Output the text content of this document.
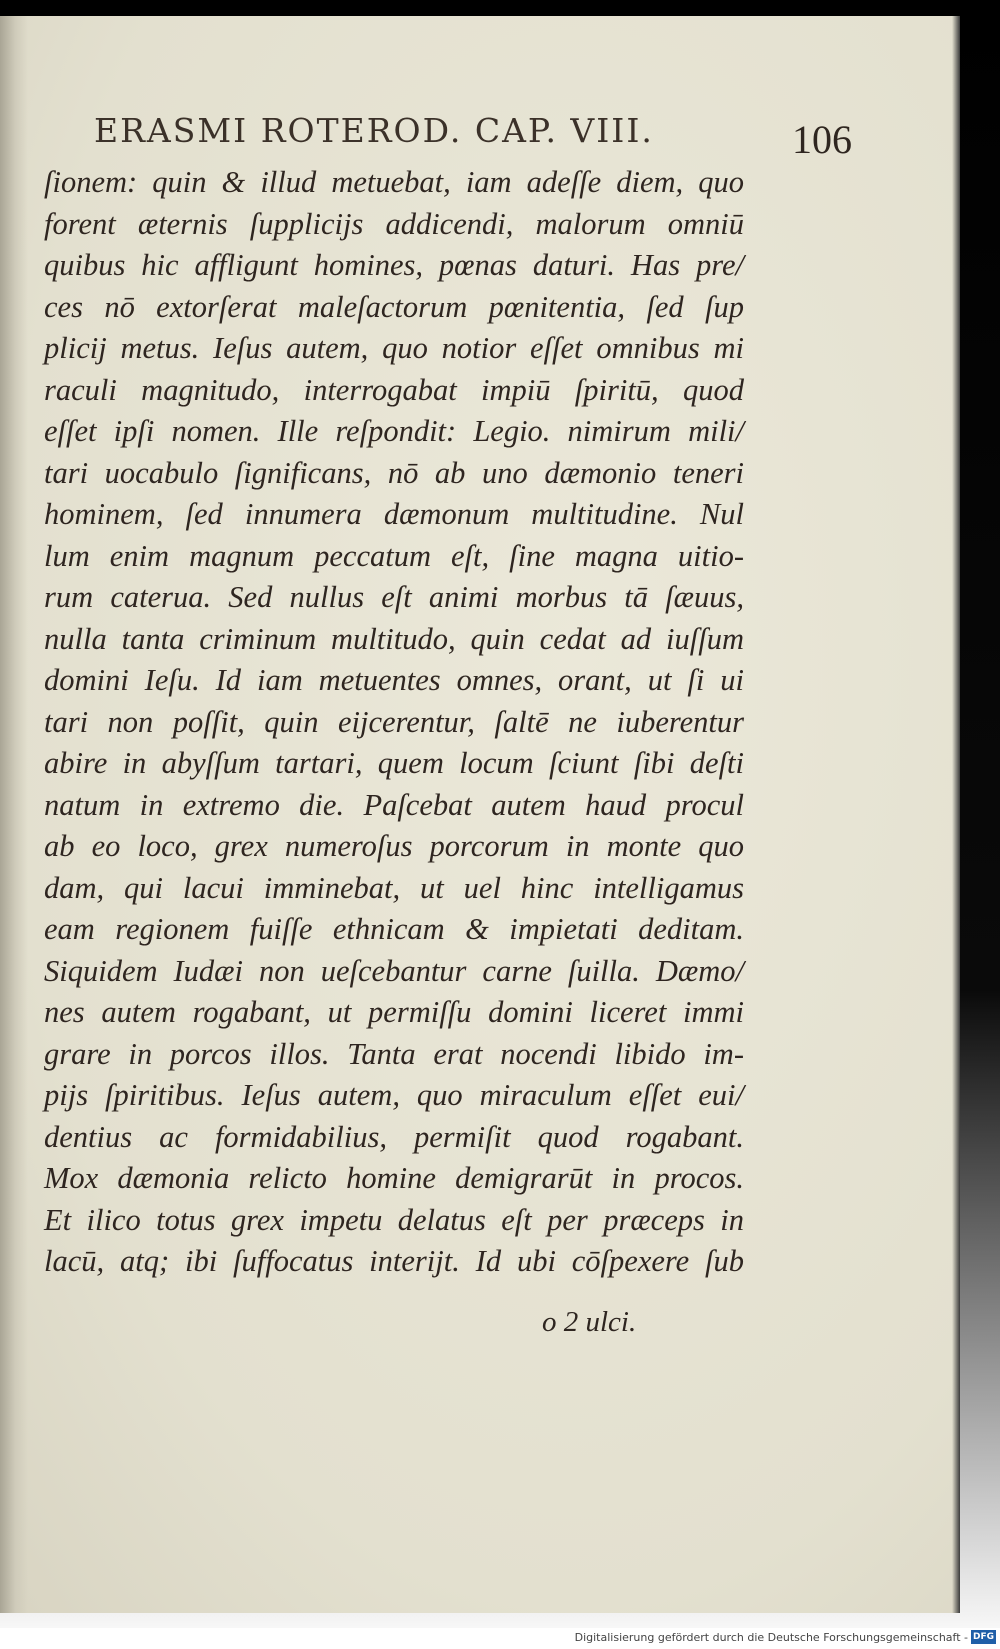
ERASMI ROTEROD. CAP. VIII.	106
ſionem: quin & illud metuebat, iam adeſſe diem, quo
forent æternis ſupplicijs addicendi, malorum omniū
quibus hic affligunt homines, pœnas daturi. Has pre/
ces nō extorſerat maleſactorum pœnitentia, ſed ſup
plicij metus. Ieſus autem, quo notior eſſet omnibus mi
raculi magnitudo, interrogabat impiū ſpiritū, quod
eſſet ipſi nomen. Ille reſpondit: Legio. nimirum mili/
tari uocabulo ſignificans, nō ab uno dæmonio teneri
hominem, ſed innumera dæmonum multitudine. Nul
lum enim magnum peccatum eſt, ſine magna uitio-
rum caterua. Sed nullus eſt animi morbus tā ſæuus,
nulla tanta criminum multitudo, quin cedat ad iuſſum
domini Ieſu. Id iam metuentes omnes, orant, ut ſi ui
tari non poſſit, quin eijcerentur, ſaltē ne iuberentur
abire in abyſſum tartari, quem locum ſciunt ſibi deſti
natum in extremo die. Paſcebat autem haud procul
ab eo loco, grex numeroſus porcorum in monte quo
dam, qui lacui imminebat, ut uel hinc intelligamus
eam regionem fuiſſe ethnicam & impietati deditam.
Siquidem Iudæi non ueſcebantur carne ſuilla. Dæmo/
nes autem rogabant, ut permiſſu domini liceret immi
grare in porcos illos. Tanta erat nocendi libido im-
pijs ſpiritibus. Ieſus autem, quo miraculum eſſet eui/
dentius ac formidabilius, permiſit quod rogabant.
Mox dæmonia relicto homine demigrarūt in procos.
Et ilico totus grex impetu delatus eſt per præceps in
lacū, atq; ibi ſuffocatus interijt. Id ubi cōſpexere ſub
o 2 ulci.
Digitalisierung gefördert durch die Deutsche Forschungsgemeinschaft - DFG
